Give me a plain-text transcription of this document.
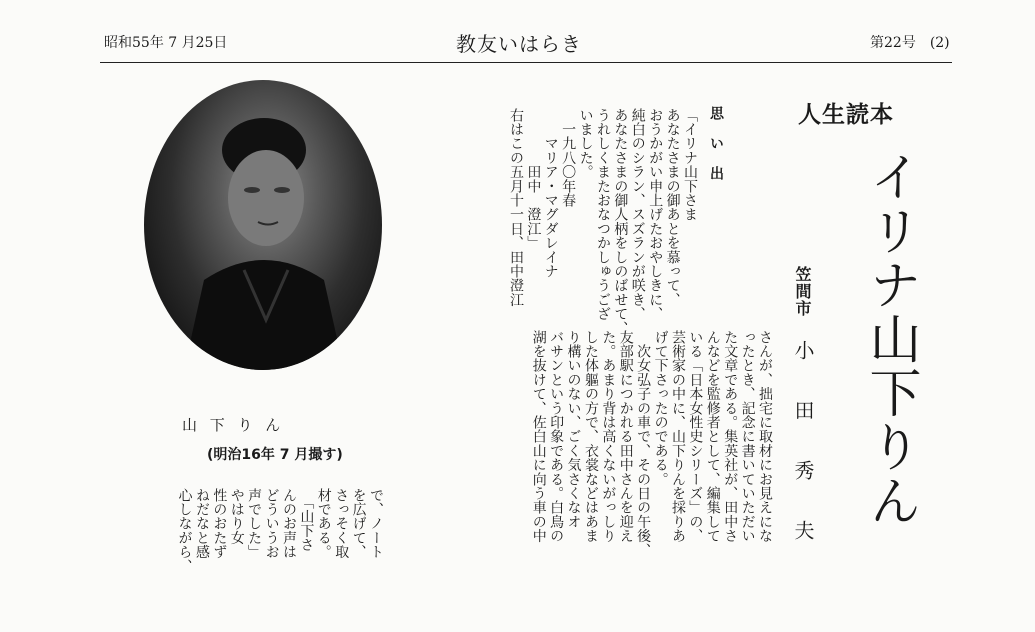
昭和55年 7 月25日	教友いはらき	第22号　(2)
人生読本
イリナ山下りん
笠間市
小 田 秀 夫
思 い 出
「イリナ山下さま
あなたさまの御あとを慕って、
おうかがい申上げたおやしきに、
純白のシラン、スズランが咲き、
あなたさまの御人柄をしのばせて、
うれしくまたおなつかしゅうござ
いました。
　一九八〇年春
　　マリア・マグダレイナ
　　　　田中　澄江」
右はこの五月十一日、田中澄江
さんが、拙宅に取材にお見えにな
ったとき、記念に書いていただい
た文章である。集英社が、田中さ
んなどを監修者として、編集して
いる「日本女性史シリーズ」の、
芸術家の中に、山下りんを採りあ
げて下さったのである。
　次女弘子の車で、その日の午後、
友部駅につかれる田中さんを迎え
た。あまり背は高くないがっしり
した体軀の方で、衣裳などはあま
り構いのない、ごく気さくなオ
バサンという印象である。白鳥の
湖を抜けて、佐白山に向う車の中
で、ノート
を広げて、
さっそく取
材である。
　「山下さ
んのお声は
どういうお
声でした」
やはり女
性のおたず
ねだなと感
心しながら、
山 下 り ん
(明治16年 7 月撮す)
